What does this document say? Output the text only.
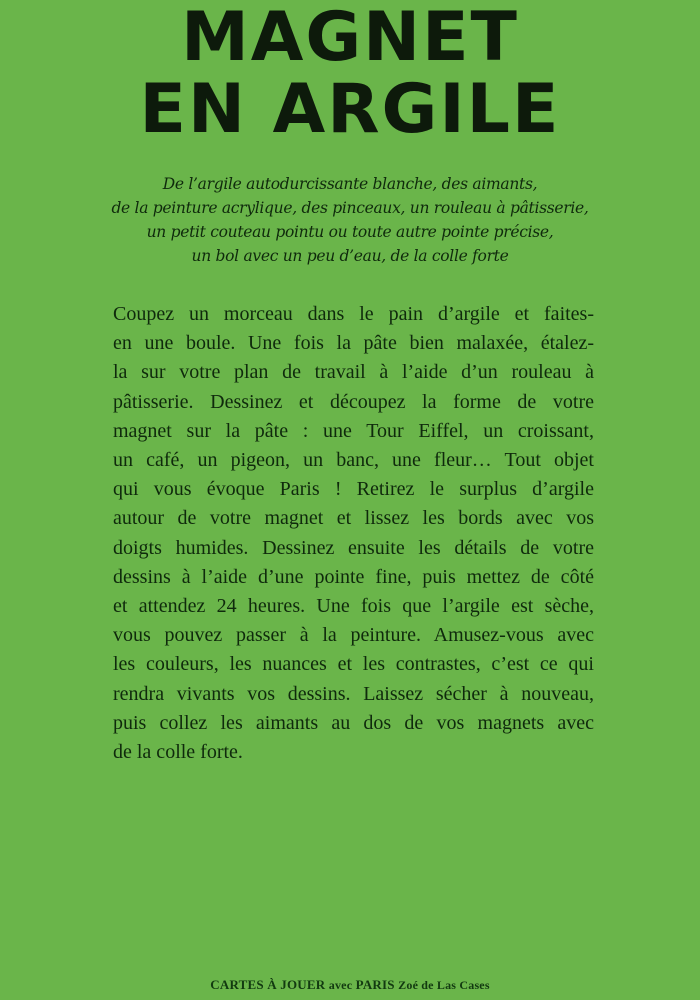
MAGNET
EN ARGILE
De l’argile autodurcissante blanche, des aimants,
de la peinture acrylique, des pinceaux, un rouleau à pâtisserie,
un petit couteau pointu ou toute autre pointe précise,
un bol avec un peu d’eau, de la colle forte
Coupez un morceau dans le pain d’argile et faites-
en une boule. Une fois la pâte bien malaxée, étalez-
la sur votre plan de travail à l’aide d’un rouleau à
pâtisserie. Dessinez et découpez la forme de votre
magnet sur la pâte : une Tour Eiffel, un croissant,
un café, un pigeon, un banc, une fleur… Tout objet
qui vous évoque Paris ! Retirez le surplus d’argile
autour de votre magnet et lissez les bords avec vos
doigts humides. Dessinez ensuite les détails de votre
dessins à l’aide d’une pointe fine, puis mettez de côté
et attendez 24 heures. Une fois que l’argile est sèche,
vous pouvez passer à la peinture. Amusez-vous avec
les couleurs, les nuances et les contrastes, c’est ce qui
rendra vivants vos dessins. Laissez sécher à nouveau,
puis collez les aimants au dos de vos magnets avec
de la colle forte.
CARTES À JOUER avec PARIS Zoé de Las Cases
